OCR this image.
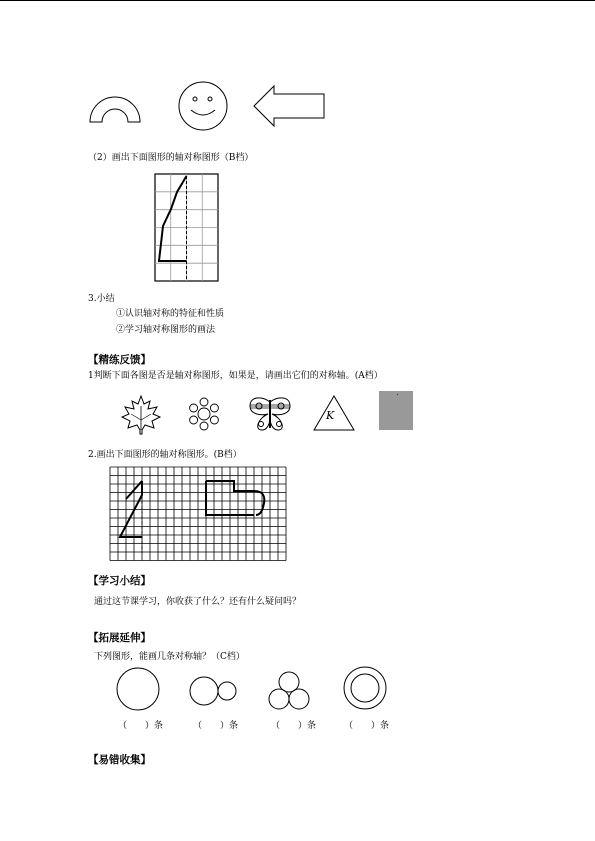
（2）画出下面图形的轴对称图形（B档）
3.小结
①认识轴对称的特征和性质
②学习轴对称图形的画法
【精练反馈】
1判断下面各图是否是轴对称图形，如果是，请画出它们的对称轴。(A档）
K
2.画出下面图形的轴对称图形。(B档）
【学习小结】
通过这节课学习，你收获了什么？还有什么疑问吗？
【拓展延伸】
下列图形，能画几条对称轴？（C档）
（　　）条	（　　）条	（　　）条	（　　）条
【易错收集】
